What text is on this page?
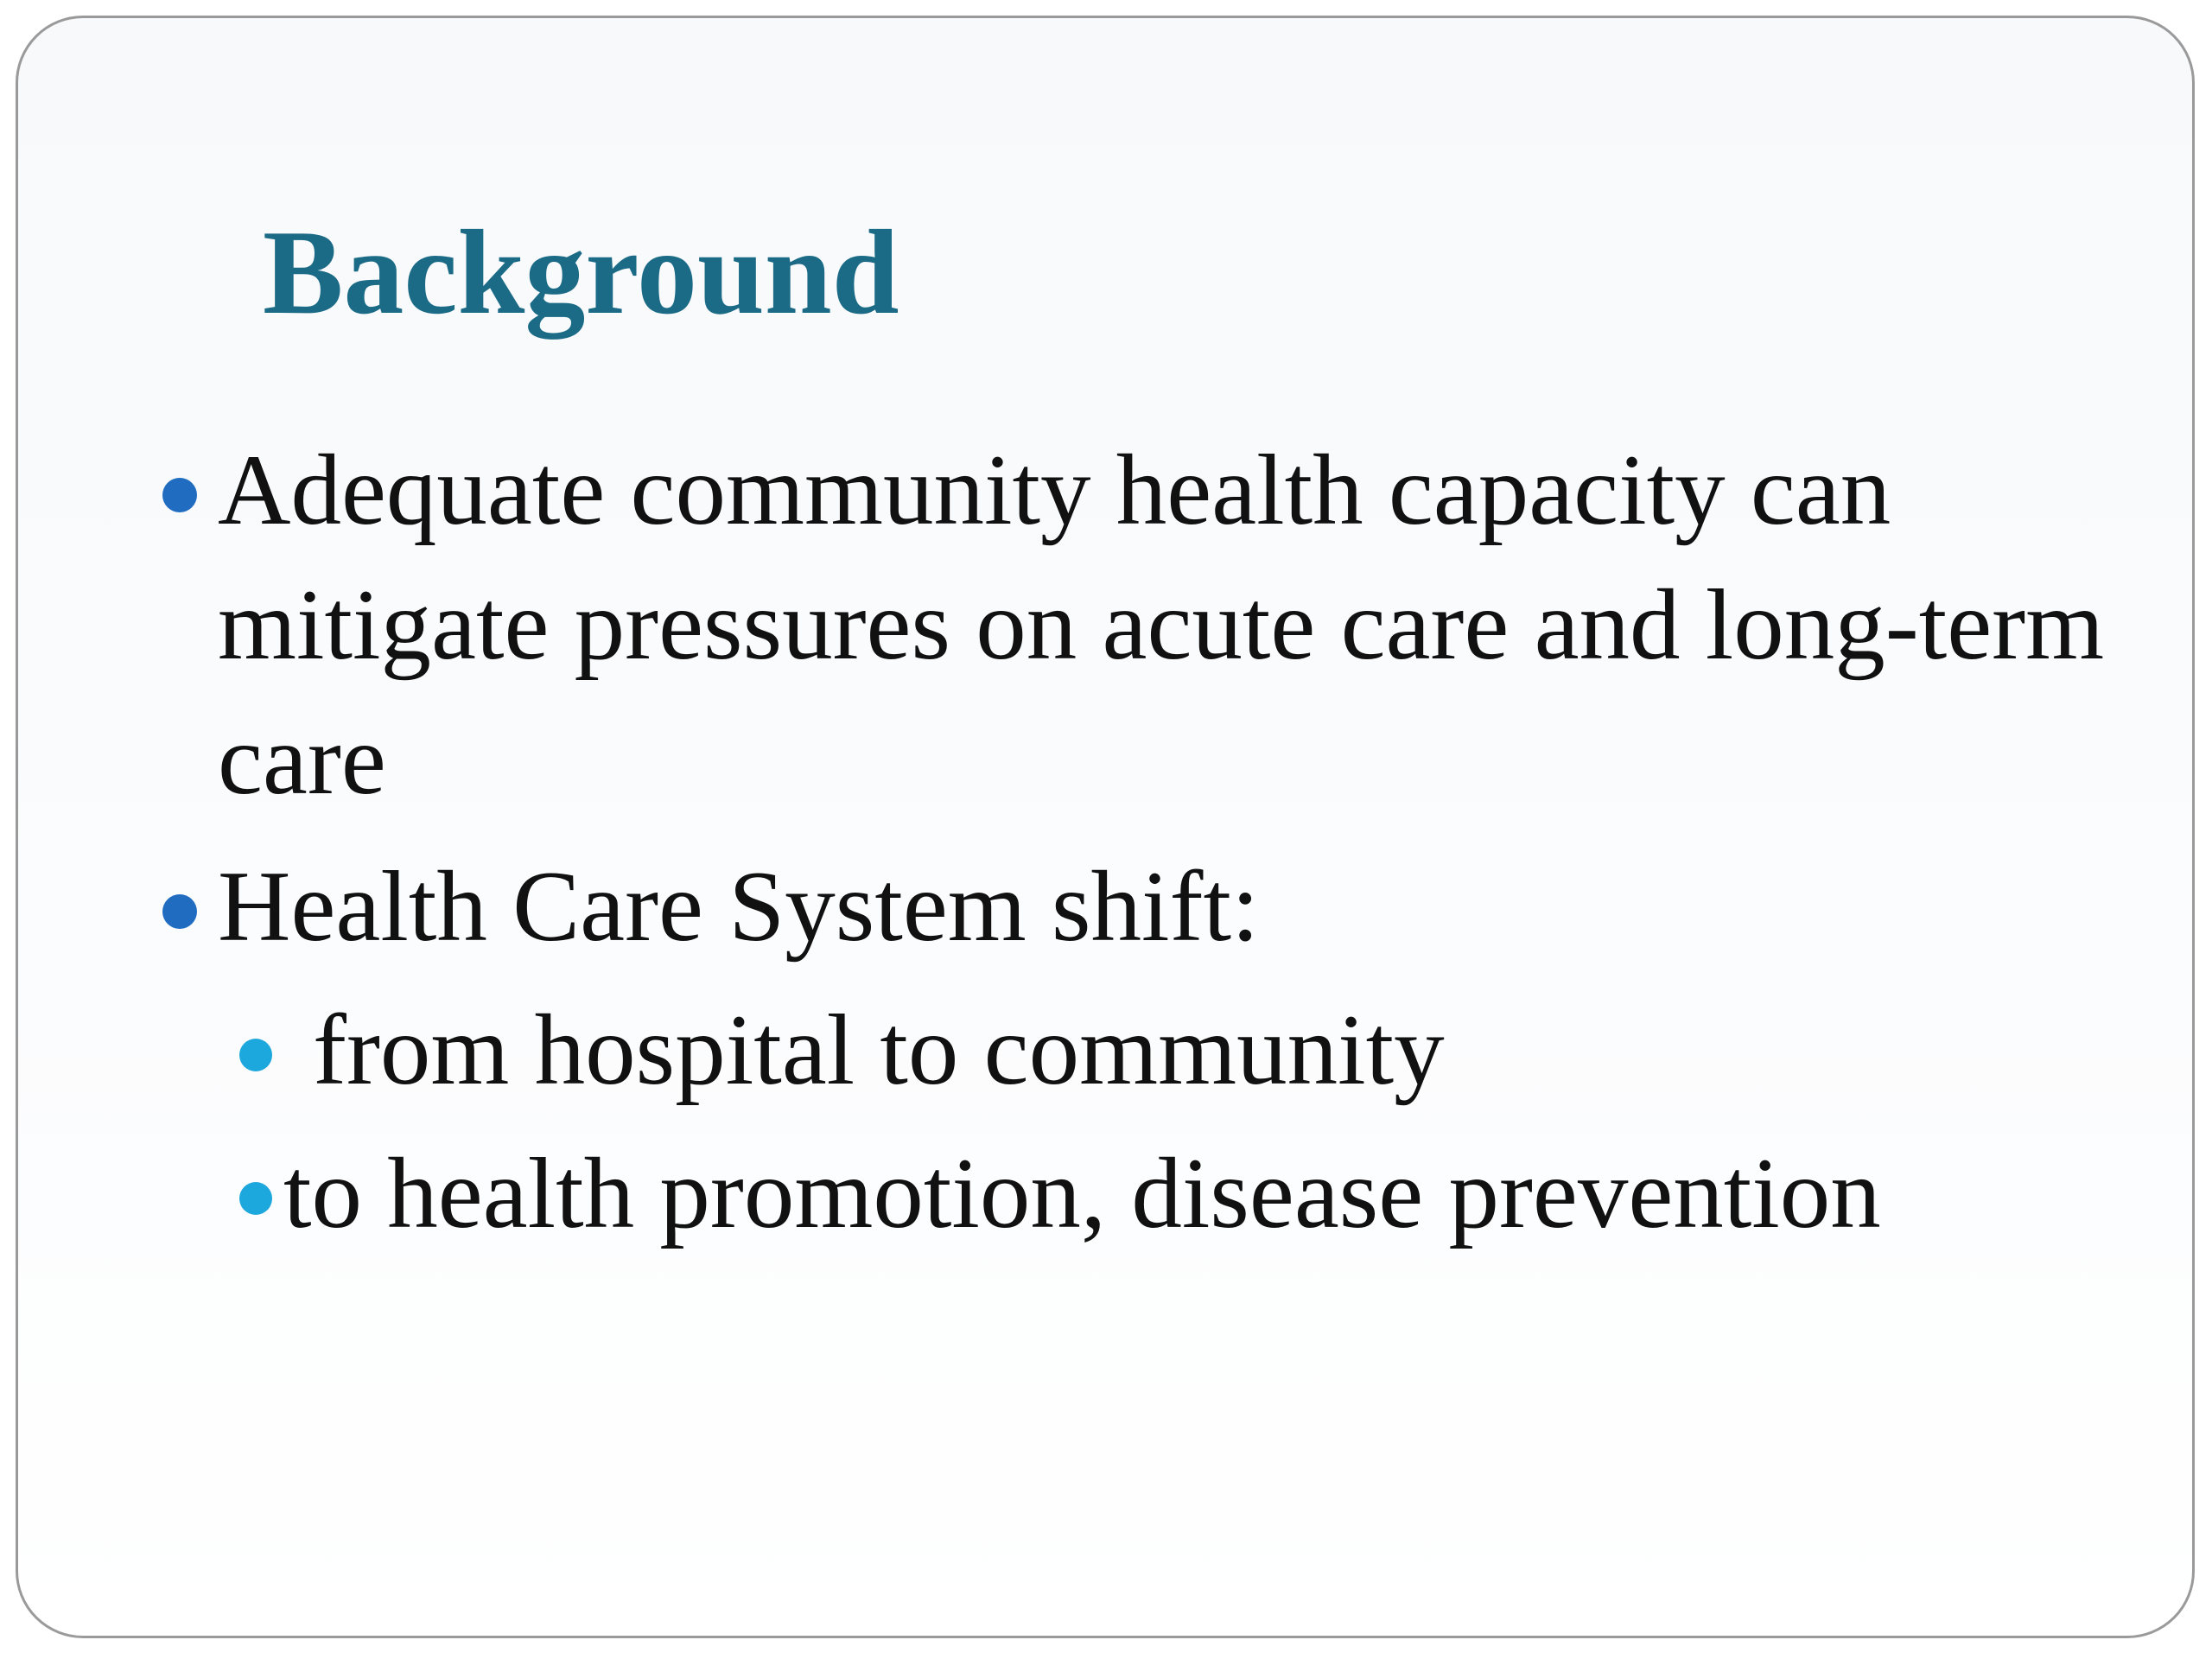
Background
Adequate community health capacity can mitigate pressures on acute care and long-term care
Health Care System shift:
from hospital to community
to health promotion, disease prevention
